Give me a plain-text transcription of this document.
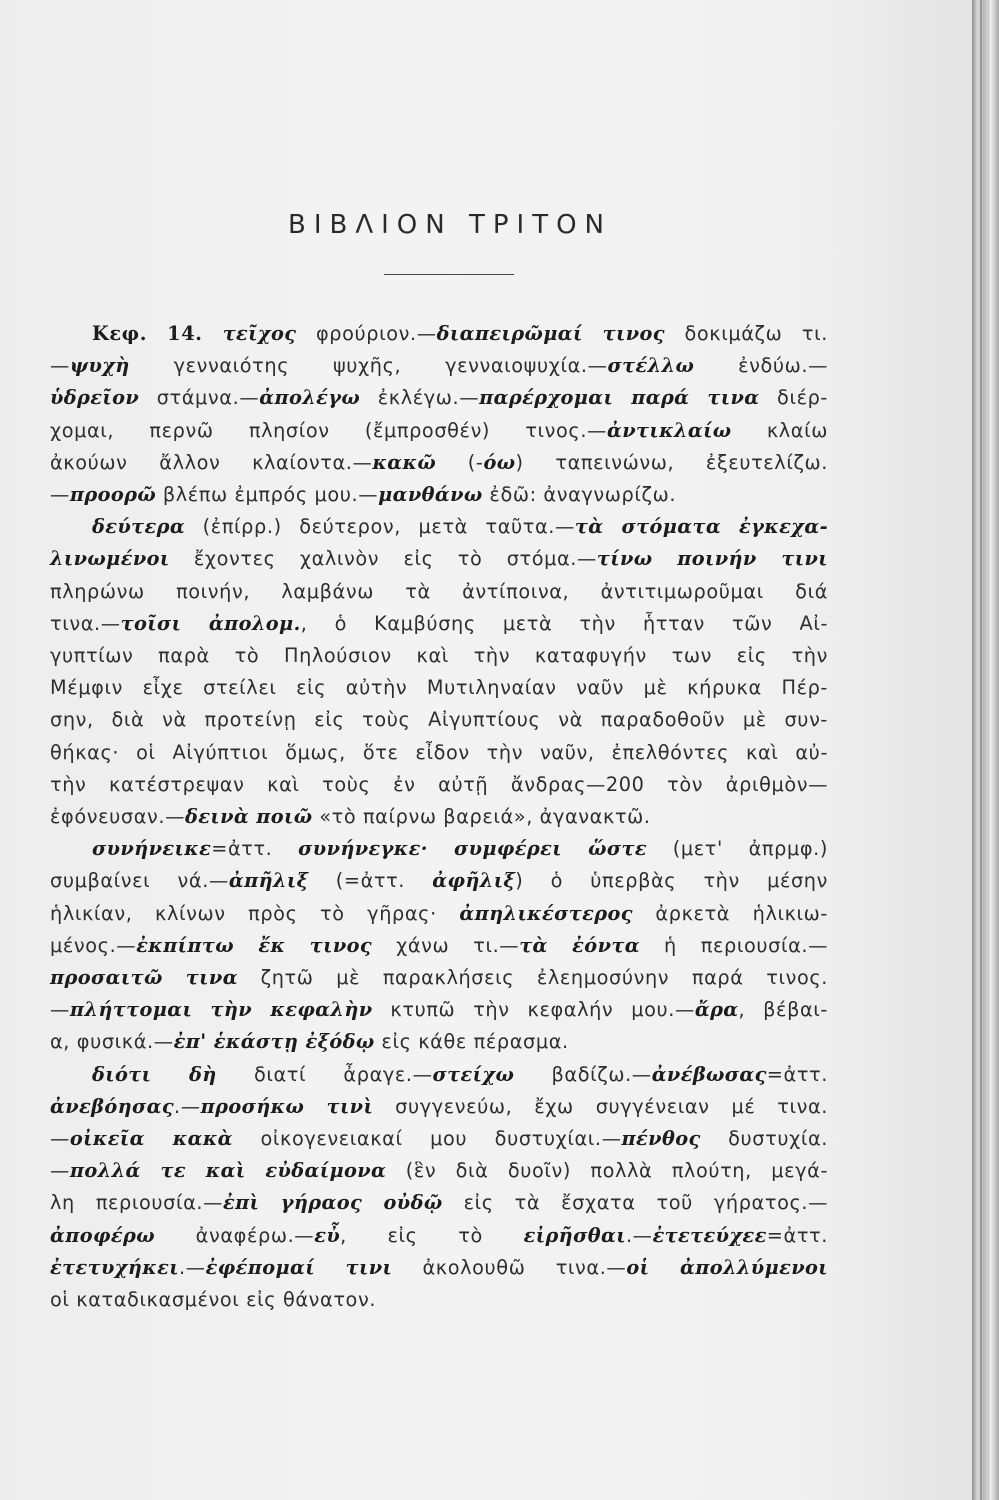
ΒΙΒΛΙΟΝ ΤΡΙΤΟΝ

Κεφ. 14. τεῖχος φρούριον.—διαπειρῶμαί τινος δοκιμάζω τι.
—ψυχὴ γενναιότης ψυχῆς, γενναιοψυχία.—στέλλω ἐνδύω.—
ὑδρεῖον στάμνα.—ἀπολέγω ἐκλέγω.—παρέρχομαι παρά τινα διέρ-
χομαι, περνῶ πλησίον (ἔμπροσθέν) τινος.—ἀντικλαίω κλαίω
ἀκούων ἄλλον κλαίοντα.—κακῶ (-όω) ταπεινώνω, ἐξευτελίζω.
—προορῶ βλέπω ἐμπρός μου.—μανθάνω ἐδῶ: ἀναγνωρίζω.

δεύτερα (ἐπίρρ.) δεύτερον, μετὰ ταῦτα.—τὰ στόματα ἐγκεχα-
λινωμένοι ἔχοντες χαλινὸν εἰς τὸ στόμα.—τίνω ποινήν τινι
πληρώνω ποινήν, λαμβάνω τὰ ἀντίποινα, ἀντιτιμωροῦμαι διά
τινα.—τοῖσι ἀπολομ., ὁ Καμβύσης μετὰ τὴν ἧτταν τῶν Αἰ-
γυπτίων παρὰ τὸ Πηλούσιον καὶ τὴν καταφυγήν των εἰς τὴν
Μέμφιν εἶχε στείλει εἰς αὐτὴν Μυτιληναίαν ναῦν μὲ κήρυκα Πέρ-
σην, διὰ νὰ προτείνῃ εἰς τοὺς Αἰγυπτίους νὰ παραδοθοῦν μὲ συν-
θήκας· οἱ Αἰγύπτιοι ὅμως, ὅτε εἶδον τὴν ναῦν, ἐπελθόντες καὶ αὐ-
τὴν κατέστρεψαν καὶ τοὺς ἐν αὐτῇ ἄνδρας—200 τὸν ἀριθμὸν—
ἐφόνευσαν.—δεινὰ ποιῶ «τὸ παίρνω βαρειά», ἀγανακτῶ.

συνήνεικε=ἀττ. συνήνεγκε· συμφέρει ὥστε (μετ' ἀπρμφ.)
συμβαίνει νά.—ἀπῆλιξ (=ἀττ. ἀφῆλιξ) ὁ ὑπερβὰς τὴν μέσην
ἡλικίαν, κλίνων πρὸς τὸ γῆρας· ἀπηλικέστερος ἀρκετὰ ἡλικιω-
μένος.—ἐκπίπτω ἔκ τινος χάνω τι.—τὰ ἐόντα ἡ περιουσία.—
προσαιτῶ τινα ζητῶ μὲ παρακλήσεις ἐλεημοσύνην παρά τινος.
—πλήττομαι τὴν κεφαλὴν κτυπῶ τὴν κεφαλήν μου.—ἄρα, βέβαι-
α, φυσικά.—ἐπ' ἑκάστῃ ἐξόδῳ εἰς κάθε πέρασμα.

διότι δὴ διατί ἆραγε.—στείχω βαδίζω.—ἀνέβωσας=ἀττ.
ἀνεβόησας.—προσήκω τινὶ συγγενεύω, ἔχω συγγένειαν μέ τινα.
—οἰκεῖα κακὰ οἰκογενειακαί μου δυστυχίαι.—πένθος δυστυχία.
—πολλά τε καὶ εὐδαίμονα (ἓν διὰ δυοῖν) πολλὰ πλούτη, μεγά-
λη περιουσία.—ἐπὶ γήραος οὐδῷ εἰς τὰ ἔσχατα τοῦ γήρατος.—
ἀποφέρω ἀναφέρω.—εὖ, εἰς τὸ εἰρῆσθαι.—ἐτετεύχεε=ἀττ.
ἐτετυχήκει.—ἐφέπομαί τινι ἀκολουθῶ τινα.—οἱ ἀπολλύμενοι
οἱ καταδικασμένοι εἰς θάνατον.
